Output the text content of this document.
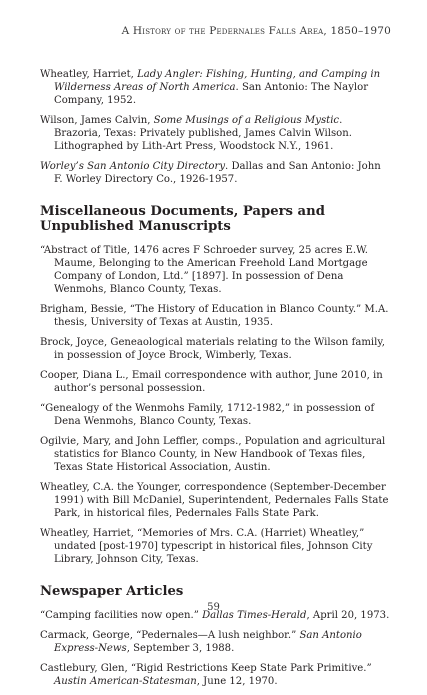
A History of the Pedernales Falls Area, 1850–1970

Wheatley, Harriet, Lady Angler: Fishing, Hunting, and Camping in Wilderness Areas of North America. San Antonio: The Naylor Company, 1952.

Wilson, James Calvin, Some Musings of a Religious Mystic. Brazoria, Texas: Privately published, James Calvin Wilson. Lithographed by Lith-Art Press, Woodstock N.Y., 1961.

Worley’s San Antonio City Directory. Dallas and San Antonio: John F. Worley Directory Co., 1926-1957.

Miscellaneous Documents, Papers and Unpublished Manuscripts

“Abstract of Title, 1476 acres F Schroeder survey, 25 acres E.W. Maume, Belonging to the American Freehold Land Mortgage Company of London, Ltd.” [1897]. In possession of Dena Wenmohs, Blanco County, Texas.

Brigham, Bessie, “The History of Education in Blanco County.” M.A. thesis, University of Texas at Austin, 1935.

Brock, Joyce, Geneaological materials relating to the Wilson family, in possession of Joyce Brock, Wimberly, Texas.

Cooper, Diana L., Email correspondence with author, June 2010, in author’s personal possession.

“Genealogy of the Wenmohs Family, 1712-1982,” in possession of Dena Wenmohs, Blanco County, Texas.

Ogilvie, Mary, and John Leffler, comps., Population and agricultural statistics for Blanco County, in New Handbook of Texas files, Texas State Historical Association, Austin.

Wheatley, C.A. the Younger, correspondence (September-December 1991) with Bill McDaniel, Superintendent, Pedernales Falls State Park, in historical files, Pedernales Falls State Park.

Wheatley, Harriet, “Memories of Mrs. C.A. (Harriet) Wheatley,” undated [post-1970] typescript in historical files, Johnson City Library, Johnson City, Texas.

Newspaper Articles

“Camping facilities now open.” Dallas Times-Herald, April 20, 1973.

Carmack, George, “Pedernales—A lush neighbor.” San Antonio Express-News, September 3, 1988.

Castlebury, Glen, “Rigid Restrictions Keep State Park Primitive.” Austin American-Statesman, June 12, 1970.

59
